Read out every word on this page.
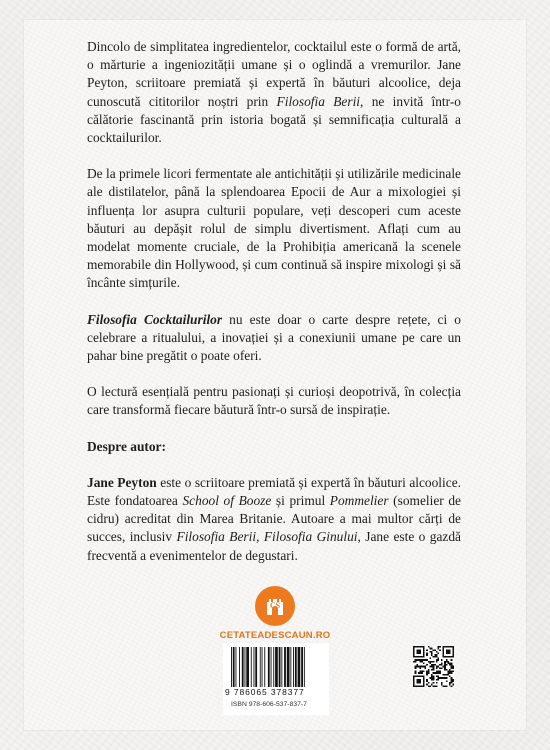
Dincolo de simplitatea ingredientelor, cocktailul este o formă de artă, o mărturie a ingeniozității umane și o oglindă a vremurilor. Jane Peyton, scriitoare premiată și expertă în băuturi alcoolice, deja cunoscută cititorilor noștri prin Filosofia Berii, ne invită într-o călătorie fascinantă prin istoria bogată și semnificația culturală a cocktailurilor.

De la primele licori fermentate ale antichității și utilizările medicinale ale distilatelor, până la splendoarea Epocii de Aur a mixologiei și influența lor asupra culturii populare, veți descoperi cum aceste băuturi au depășit rolul de simplu divertisment. Aflați cum au modelat momente cruciale, de la Prohibiția americană la scenele memorabile din Hollywood, și cum continuă să inspire mixologi și să încânte simțurile.

Filosofia Cocktailurilor nu este doar o carte despre rețete, ci o celebrare a ritualului, a inovației și a conexiunii umane pe care un pahar bine pregătit o poate oferi.

O lectură esențială pentru pasionați și curioși deopotrivă, în colecția care transformă fiecare băutură într-o sursă de inspirație.

Despre autor:

Jane Peyton este o scriitoare premiată și expertă în băuturi alcoolice. Este fondatoarea School of Booze și primul Pommelier (somelier de cidru) acreditat din Marea Britanie. Autoare a mai multor cărți de succes, inclusiv Filosofia Berii, Filosofia Ginului, Jane este o gazdă frecventă a evenimentelor de degustari.

CS
CETATEADESCAUN.RO
9 786065 378377
ISBN 978-606-537-837-7
